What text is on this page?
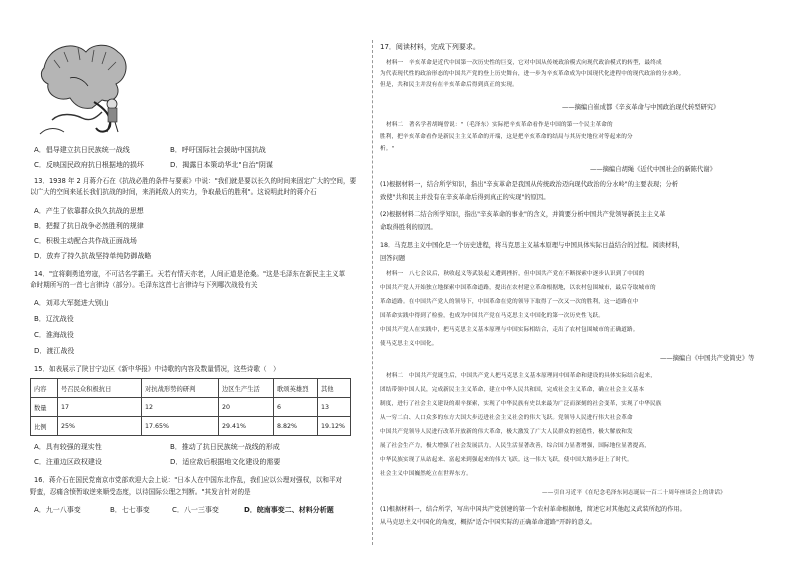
A．倡导建立抗日民族统一战线	B．呼吁国际社会援助中国抗战
C．反映国民政府抗日根据地的损坏	D．揭露日本策动华北"自治"阴谋
13．1938 年 2 月蒋介石在《抗战必胜的条件与要素》中说："我们就是要以长久的时间来固定广大的空间，要
以广大的空间来延长我们抗战的时间，来消耗敌人的实力，争取最后的胜利"。这说明此时的蒋介石
A．产生了依靠群众执久抗战的思想
B．把握了抗日战争必然胜利的规律
C．积极主动配合共作战正面战场
D．放弃了持久抗战坚持单纯防御战略
14．"宜将剩勇追穷寇，不可沽名学霸王。天若有情天亦老，人间正道是沧桑。"这是毛泽东在新民主主义革
命时期所写的一首七言律诗（部分）。毛泽东这首七言律诗与下列哪次战役有关
A．刘邓大军挺进大别山
B．辽沈战役
C．淮海战役
D．渡江战役
15．如表展示了陕甘宁边区《新中华报》中诗歌的内容及数量情况，这些诗歌（　）
内容	号召民众积极抗日	对抗战形势的研判	边区生产生活	歌颂英雄烈	其他
数量	17	12	20	6	13
比例	25%	17.65%	29.41%	8.82%	19.12%
A．具有较强的现实性	B．推动了抗日民族统一战线的形成
C．注重边区政权建设	D．适应敌后根据地文化建设的需要
16．蒋介石在国民党南京市党部欢迎大会上说："日本人在中国东北作乱，我们应以公理对强权，以和平对
野蛮，忍痛含愤暂取逆来顺受态度，以待国际公理之判断。"其发言针对的是
A．九一八事变	B．七七事变	C．八一三事变	D．皖南事变二、材料分析题
17．阅读材料，完成下列要求。
材料一　辛亥革命是近代中国第一次历史性的巨变，它对中国从传统政治模式向现代政治模式的转型，最终成
为代表现代性的政治形态的中国共产党的登上历史舞台，进一步为辛亥革命成为中国现代化进程中的现代政治的分水岭。
但是，共和民主并没有在辛亥革命后得到真正的实现。
——摘编自崔成都《辛亥革命与中国政治现代转型研究》
材料二　著名学者胡绳曾说："（毛泽东）实际把辛亥革命看作是中国的第一个民主革命的
胜利，把辛亥革命看作是新民主主义革命的开端，这是把辛亥革命的结局与其历史地位对等起来的分
析。"
——摘编自胡绳《近代中国社会的新陈代谢》
(1)根据材料一，结合所学知识，指出"辛亥革命是我国从传统政治迈向现代政治的分水岭"的主要表现；分析
致使"共和民主并没有在辛亥革命后得到真正的实现"的原因。
(2)根据材料二结合所学知识，指出"辛亥革命的事业"的含义，并简要分析中国共产党领导新民主主义革
命取得胜利的原因。
18．马克思主义中国化是一个历史进程，将马克思主义基本原理与中国具体实际日益结合的过程。阅读材料，
回答问题
材料一　八七会议后，秋收起义等武装起义遭到挫折，但中国共产党在不断探索中逐步认识到了中国的
中国共产党人开始独立地探索中国革命道路，提出在农村建立革命根据地，以农村包围城市，最后夺取城市的
革命道路。在中国共产党人的领导下，中国革命在党的领导下取得了一次又一次的胜利，这一道路在中
国革命实践中得到了检验，也成为中国共产党在马克思主义中国化的第一次历史性飞跃。
中国共产党人在实践中，把马克思主义基本原理与中国实际相结合，走出了农村包围城市的正确道路。
使马克思主义中国化。
——摘编自《中国共产党简史》等
材料二　中国共产党诞生后，中国共产党人把马克思主义基本原理同中国革命和建设的具体实际结合起来，
团结带领中国人民，完成新民主主义革命，建立中华人民共和国，完成社会主义革命，确立社会主义基本
制度，进行了社会主义建设的艰辛探索，实现了中华民族有史以来最为广泛而深刻的社会变革，实现了中华民族
从一穷二白、人口众多的东方大国大步迈进社会主义社会的伟大飞跃。党领导人民进行伟大社会革命
中国共产党领导人民进行改革开放新的伟大革命，极大激发了广大人民群众的创造性，极大解放和发
展了社会生产力，极大增强了社会发展活力，人民生活显著改善，综合国力显著增强，国际地位显著提高，
中华民族实现了从站起来、富起来到强起来的伟大飞跃。这一伟大飞跃，使中国大踏步赶上了时代。
社会主义中国巍然屹立在世界东方。
——引自习近平《在纪念毛泽东同志诞辰一百二十周年座谈会上的讲话》
(1)根据材料一，结合所学，写出中国共产党创建的第一个农村革命根据地，简述它对其他起义武装所起的作用。
从马克思主义中国化的角度，概括"适合中国实际的正确革命道路"开辟的意义。
